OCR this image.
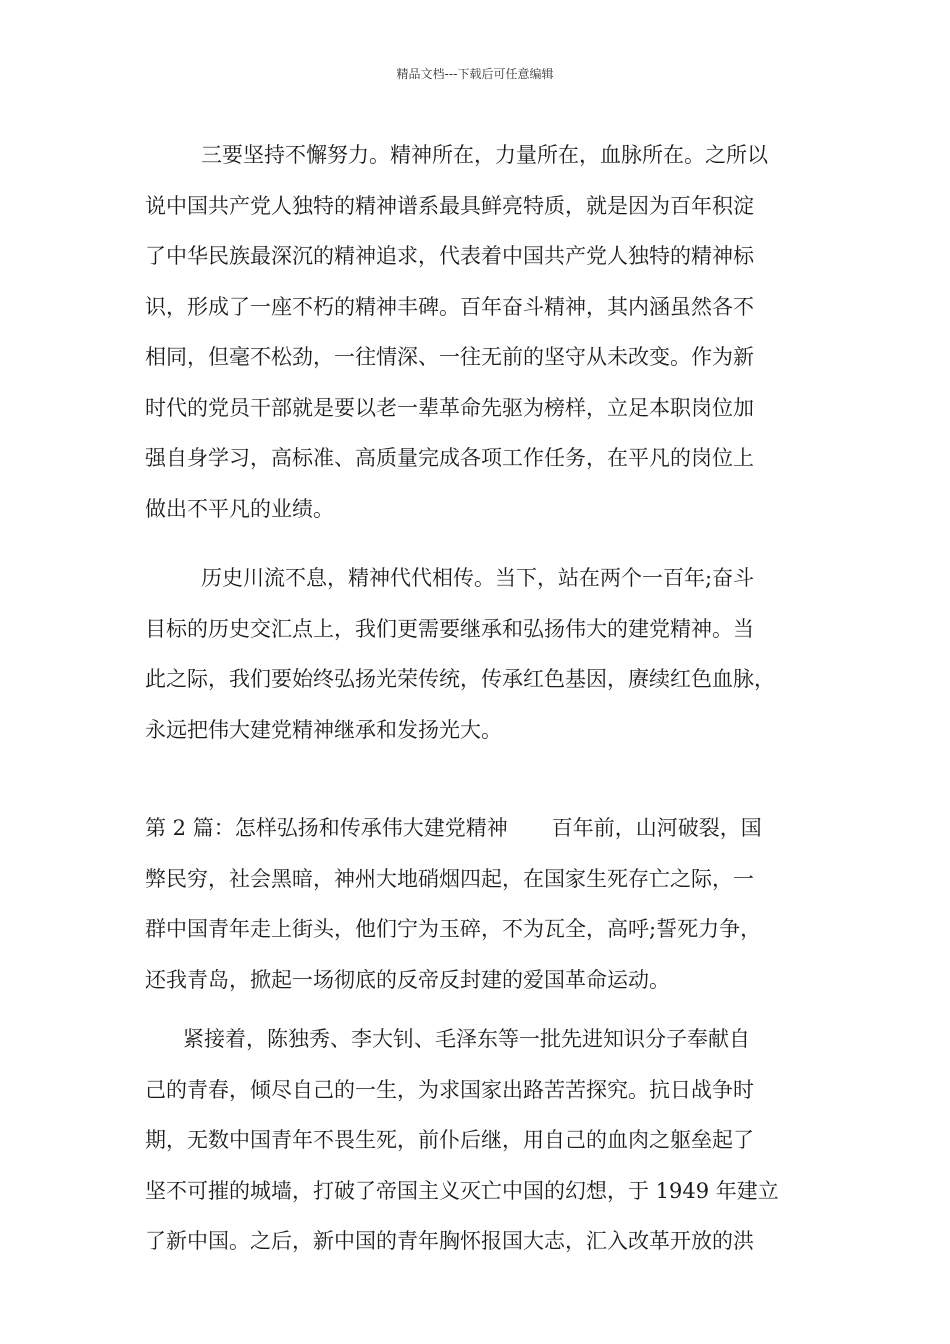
精品文档---下载后可任意编辑
三要坚持不懈努力。精神所在，力量所在，血脉所在。之所以
说中国共产党人独特的精神谱系最具鲜亮特质，就是因为百年积淀
了中华民族最深沉的精神追求，代表着中国共产党人独特的精神标
识，形成了一座不朽的精神丰碑。百年奋斗精神，其内涵虽然各不
相同，但毫不松劲，一往情深、一往无前的坚守从未改变。作为新
时代的党员干部就是要以老一辈革命先驱为榜样，立足本职岗位加
强自身学习，高标准、高质量完成各项工作任务，在平凡的岗位上
做出不平凡的业绩。
历史川流不息，精神代代相传。当下，站在两个一百年;奋斗
目标的历史交汇点上，我们更需要继承和弘扬伟大的建党精神。当
此之际，我们要始终弘扬光荣传统，传承红色基因，赓续红色血脉，
永远把伟大建党精神继承和发扬光大。
第 2 篇：怎样弘扬和传承伟大建党精神 百年前，山河破裂，国
弊民穷，社会黑暗，神州大地硝烟四起，在国家生死存亡之际，一
群中国青年走上街头，他们宁为玉碎，不为瓦全，高呼;誓死力争，
还我青岛，掀起一场彻底的反帝反封建的爱国革命运动。
紧接着，陈独秀、李大钊、毛泽东等一批先进知识分子奉献自
己的青春，倾尽自己的一生，为求国家出路苦苦探究。抗日战争时
期，无数中国青年不畏生死，前仆后继，用自己的血肉之躯垒起了
坚不可摧的城墙，打破了帝国主义灭亡中国的幻想，于 1949 年建立
了新中国。之后，新中国的青年胸怀报国大志，汇入改革开放的洪
